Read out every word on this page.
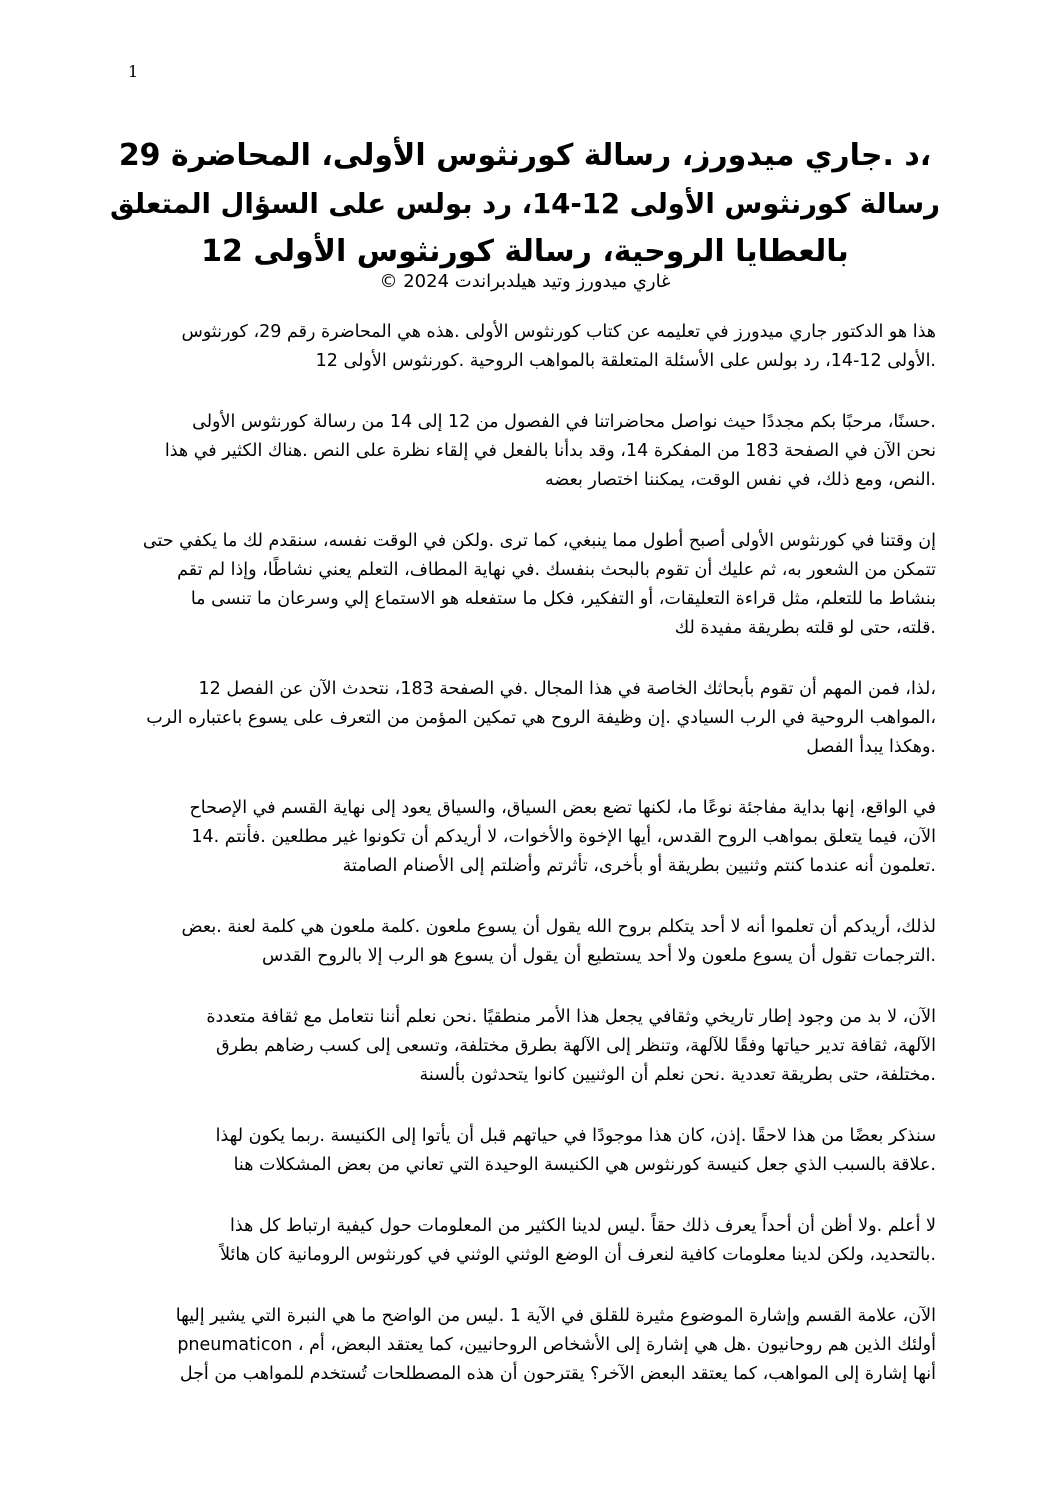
1
،د .جاري ميدورز، رسالة كورنثوس الأولى، المحاضرة 29
رسالة كورنثوس الأولى 12-14، رد بولس على السؤال المتعلق
بالعطايا الروحية، رسالة كورنثوس الأولى 12
غاري ميدورز وتيد هيلدبراندت 2024 ©

هذا هو الدكتور جاري ميدورز في تعليمه عن كتاب كورنثوس الأولى .هذه هي المحاضرة رقم 29، كورنثوس
.الأولى 12-14، رد بولس على الأسئلة المتعلقة بالمواهب الروحية .كورنثوس الأولى 12

.حسنًا، مرحبًا بكم مجددًا حيث نواصل محاضراتنا في الفصول من 12 إلى 14 من رسالة كورنثوس الأولى
نحن الآن في الصفحة 183 من المفكرة 14، وقد بدأنا بالفعل في إلقاء نظرة على النص .هناك الكثير في هذا
.النص، ومع ذلك، في نفس الوقت، يمكننا اختصار بعضه

إن وقتنا في كورنثوس الأولى أصبح أطول مما ينبغي، كما ترى .ولكن في الوقت نفسه، سنقدم لك ما يكفي حتى
تتمكن من الشعور به، ثم عليك أن تقوم بالبحث بنفسك .في نهاية المطاف، التعلم يعني نشاطًا، وإذا لم تقم
بنشاط ما للتعلم، مثل قراءة التعليقات، أو التفكير، فكل ما ستفعله هو الاستماع إلي وسرعان ما تنسى ما
.قلته، حتى لو قلته بطريقة مفيدة لك

،لذا، فمن المهم أن تقوم بأبحاثك الخاصة في هذا المجال .في الصفحة 183، نتحدث الآن عن الفصل 12
،المواهب الروحية في الرب السيادي .إن وظيفة الروح هي تمكين المؤمن من التعرف على يسوع باعتباره الرب
.وهكذا يبدأ الفصل

في الواقع، إنها بداية مفاجئة نوعًا ما، لكنها تضع بعض السياق، والسياق يعود إلى نهاية القسم في الإصحاح
الآن، فيما يتعلق بمواهب الروح القدس، أيها الإخوة والأخوات، لا أريدكم أن تكونوا غير مطلعين .فأنتم .14
.تعلمون أنه عندما كنتم وثنيين بطريقة أو بأخرى، تأثرتم وأضلتم إلى الأصنام الصامتة

لذلك، أريدكم أن تعلموا أنه لا أحد يتكلم بروح الله يقول أن يسوع ملعون .كلمة ملعون هي كلمة لعنة .بعض
.الترجمات تقول أن يسوع ملعون ولا أحد يستطيع أن يقول أن يسوع هو الرب إلا بالروح القدس

الآن، لا بد من وجود إطار تاريخي وثقافي يجعل هذا الأمر منطقيًا .نحن نعلم أننا نتعامل مع ثقافة متعددة
الآلهة، ثقافة تدير حياتها وفقًا للآلهة، وتنظر إلى الآلهة بطرق مختلفة، وتسعى إلى كسب رضاهم بطرق
.مختلفة، حتى بطريقة تعددية .نحن نعلم أن الوثنيين كانوا يتحدثون بألسنة

سنذكر بعضًا من هذا لاحقًا .إذن، كان هذا موجودًا في حياتهم قبل أن يأتوا إلى الكنيسة .ربما يكون لهذا
.علاقة بالسبب الذي جعل كنيسة كورنثوس هي الكنيسة الوحيدة التي تعاني من بعض المشكلات هنا

لا أعلم .ولا أظن أن أحداً يعرف ذلك حقاً .ليس لدينا الكثير من المعلومات حول كيفية ارتباط كل هذا
.بالتحديد، ولكن لدينا معلومات كافية لنعرف أن الوضع الوثني الوثني في كورنثوس الرومانية كان هائلاً

الآن، علامة القسم وإشارة الموضوع مثيرة للقلق في الآية 1 .ليس من الواضح ما هي النبرة التي يشير إليها
أولئك الذين هم روحانيون .هل هي إشارة إلى الأشخاص الروحانيين، كما يعتقد البعض، أم ، pneumaticon
أنها إشارة إلى المواهب، كما يعتقد البعض الآخر؟ يقترحون أن هذه المصطلحات تُستخدم للمواهب من أجل
